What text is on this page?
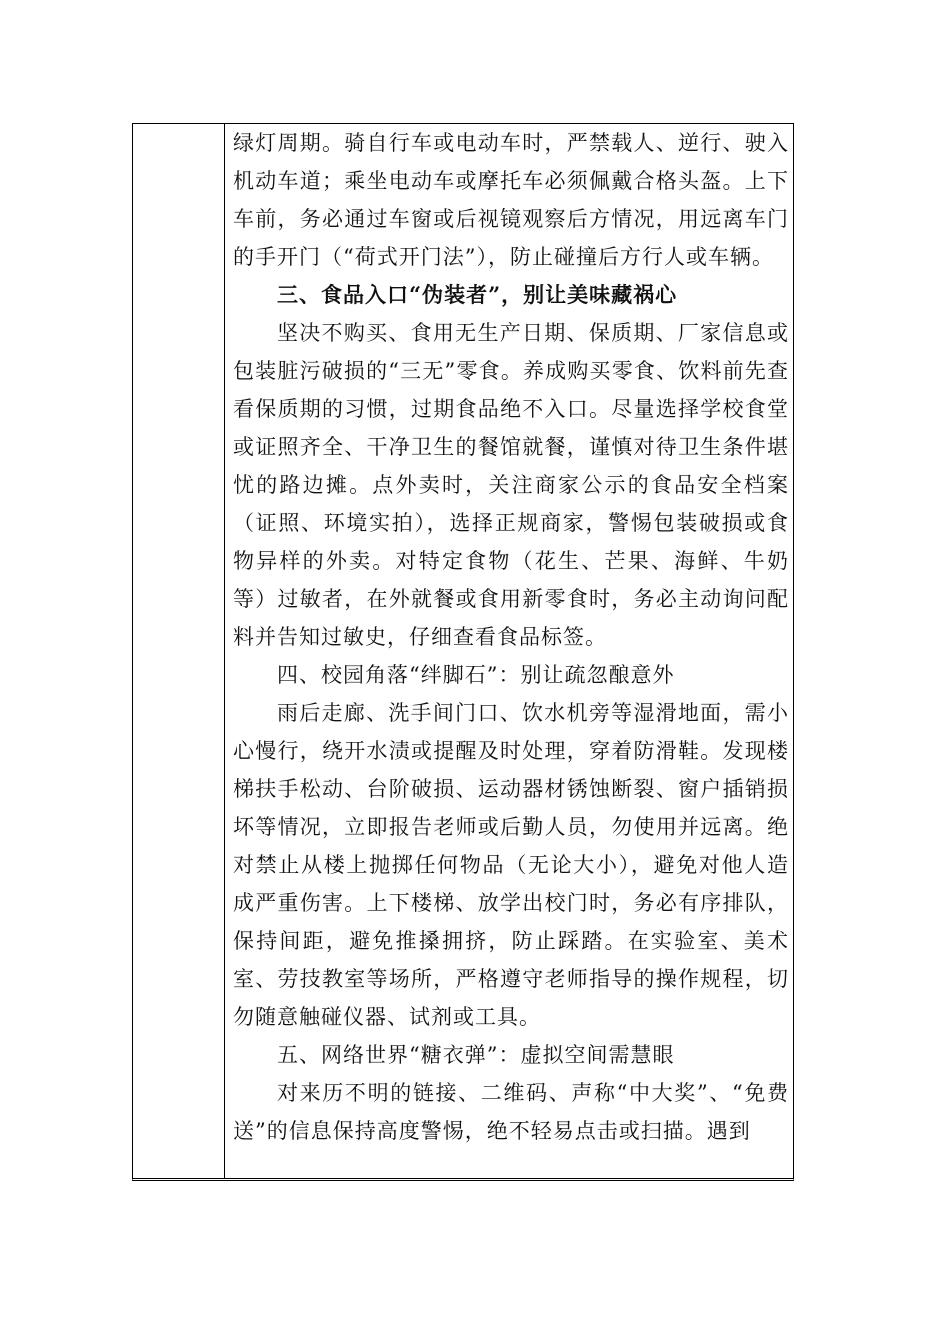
绿灯周期。骑自行车或电动车时，严禁载人、逆行、驶入机动车道；乘坐电动车或摩托车必须佩戴合格头盔。上下车前，务必通过车窗或后视镜观察后方情况，用远离车门的手开门（“荷式开门法”），防止碰撞后方行人或车辆。

三、食品入口“伪装者”，别让美味藏祸心

坚决不购买、食用无生产日期、保质期、厂家信息或包装脏污破损的“三无”零食。养成购买零食、饮料前先查看保质期的习惯，过期食品绝不入口。尽量选择学校食堂或证照齐全、干净卫生的餐馆就餐，谨慎对待卫生条件堪忧的路边摊。点外卖时，关注商家公示的食品安全档案（证照、环境实拍），选择正规商家，警惕包装破损或食物异样的外卖。对特定食物（花生、芒果、海鲜、牛奶等）过敏者，在外就餐或食用新零食时，务必主动询问配料并告知过敏史，仔细查看食品标签。

四、校园角落“绊脚石”：别让疏忽酿意外

雨后走廊、洗手间门口、饮水机旁等湿滑地面，需小心慢行，绕开水渍或提醒及时处理，穿着防滑鞋。发现楼梯扶手松动、台阶破损、运动器材锈蚀断裂、窗户插销损坏等情况，立即报告老师或后勤人员，勿使用并远离。绝对禁止从楼上抛掷任何物品（无论大小），避免对他人造成严重伤害。上下楼梯、放学出校门时，务必有序排队，保持间距，避免推搡拥挤，防止踩踏。在实验室、美术室、劳技教室等场所，严格遵守老师指导的操作规程，切勿随意触碰仪器、试剂或工具。

五、网络世界“糖衣弹”：虚拟空间需慧眼

对来历不明的链接、二维码、声称“中大奖”、“免费送”的信息保持高度警惕，绝不轻易点击或扫描。遇到
